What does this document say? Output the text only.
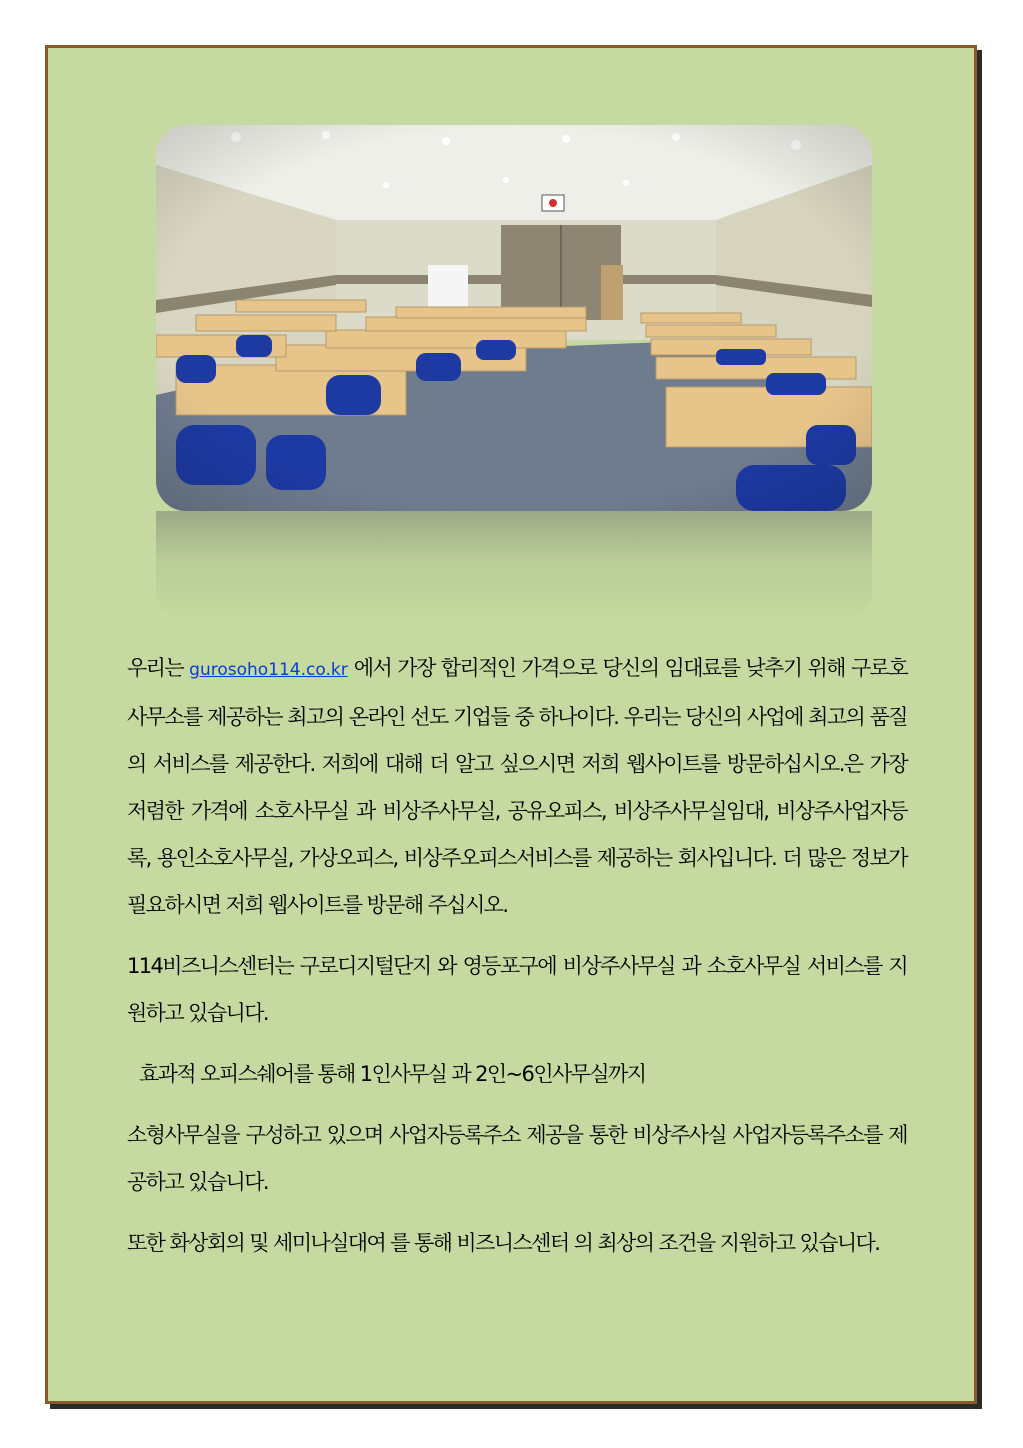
우리는 gurosoho114.co.kr 에서 가장 합리적인 가격으로 당신의 임대료를 낮추기 위해 구로호 사무소를 제공하는 최고의 온라인 선도 기업들 중 하나이다. 우리는 당신의 사업에 최고의 품질의 서비스를 제공한다. 저희에 대해 더 알고 싶으시면 저희 웹사이트를 방문하십시오.은 가장 저렴한 가격에 소호사무실 과 비상주사무실, 공유오피스, 비상주사무실임대, 비상주사업자등록, 용인소호사무실, 가상오피스, 비상주오피스서비스를 제공하는 회사입니다. 더 많은 정보가 필요하시면 저희 웹사이트를 방문해 주십시오.

114비즈니스센터는 구로디지털단지 와 영등포구에 비상주사무실 과 소호사무실 서비스를 지원하고 있습니다.

효과적 오피스쉐어를 통해 1인사무실 과 2인~6인사무실까지

소형사무실을 구성하고 있으며 사업자등록주소 제공을 통한 비상주사실 사업자등록주소를 제공하고 있습니다.

또한 화상회의 및 세미나실대여 를 통해 비즈니스센터 의 최상의 조건을 지원하고 있습니다.
